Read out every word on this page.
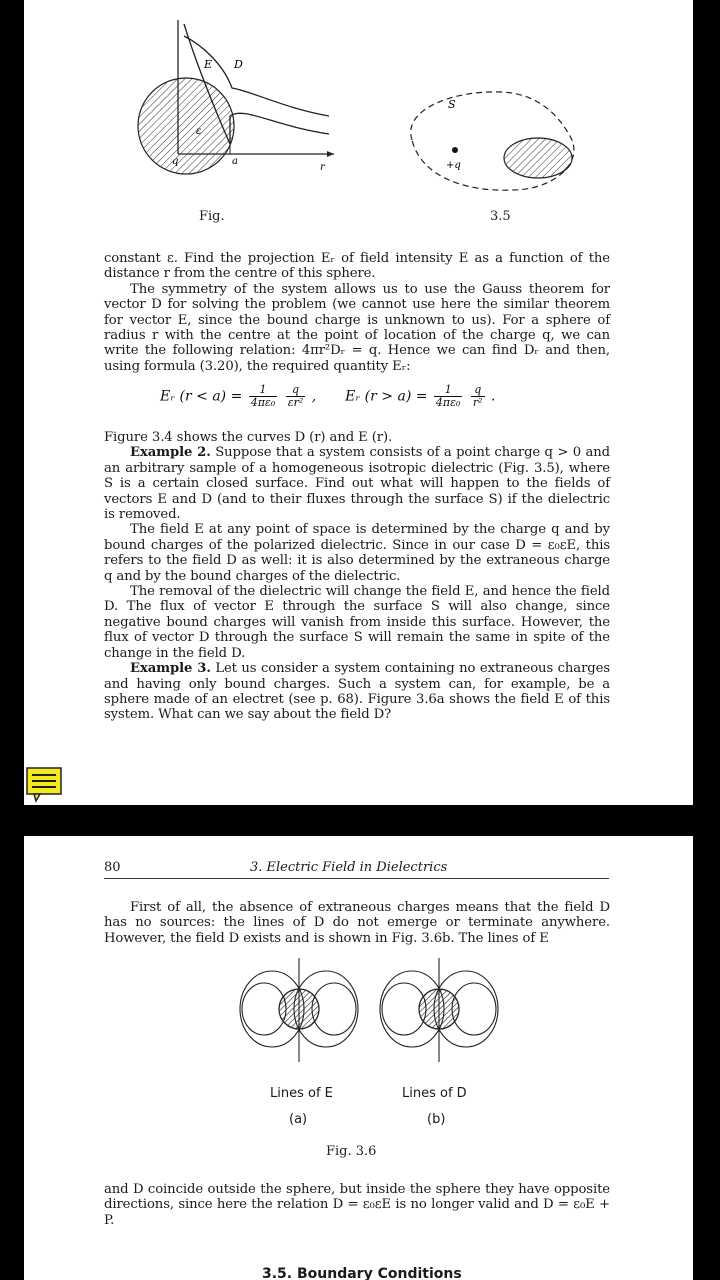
E D
ε
q	a
r
S
+q
Fig.	3.5

constant ε. Find the projection Eᵣ of field intensity E as a function of the distance r from the centre of this sphere.

The symmetry of the system allows us to use the Gauss theorem for vector D for solving the problem (we cannot use here the similar theorem for vector E, since the bound charge is unknown to us). For a sphere of radius r with the centre at the point of location of the charge q, we can write the following relation: 4πr²Dᵣ = q. Hence we can find Dᵣ and then, using formula (3.20), the required quantity Eᵣ:

Eᵣ $(r < a) = \frac{1}{\text{4πε₀}}$
$\frac{q}{\text{εr²}}$ , Eᵣ $(r > a) = \frac{1}{\text{4πε₀}}$
$\frac{q}{\text{r²}}$ .

Figure 3.4 shows the curves D (r) and E (r).

Example 2. Suppose that a system consists of a point charge q > 0 and an arbitrary sample of a homogeneous isotropic dielectric (Fig. 3.5), where S is a certain closed surface. Find out what will happen to the fields of vectors E and D (and to their fluxes through the surface S) if the dielectric is removed.

The field E at any point of space is determined by the charge q and by bound charges of the polarized dielectric. Since in our case D = ε₀εE, this refers to the field D as well: it is also determined by the extraneous charge q and by the bound charges of the dielectric.

The removal of the dielectric will change the field E, and hence the field D. The flux of vector E through the surface S will also change, since negative bound charges will vanish from inside this surface. However, the flux of vector D through the surface S will remain the same in spite of the change in the field D.

Example 3. Let us consider a system containing no extraneous charges and having only bound charges. Such a system can, for example, be a sphere made of an electret (see p. 68). Figure 3.6a shows the field E of this system. What can we say about the field D?

80	3. Electric Field in Dielectrics

First of all, the absence of extraneous charges means that the field D has no sources: the lines of D do not emerge or terminate anywhere. However, the field D exists and is shown in Fig. 3.6b. The lines of E

Lines of E	Lines of D
(a)	(b)
Fig. 3.6

and D coincide outside the sphere, but inside the sphere they have opposite directions, since here the relation D = ε₀εE is no longer valid and D = ε₀E + P.

3.5. Boundary Conditions
